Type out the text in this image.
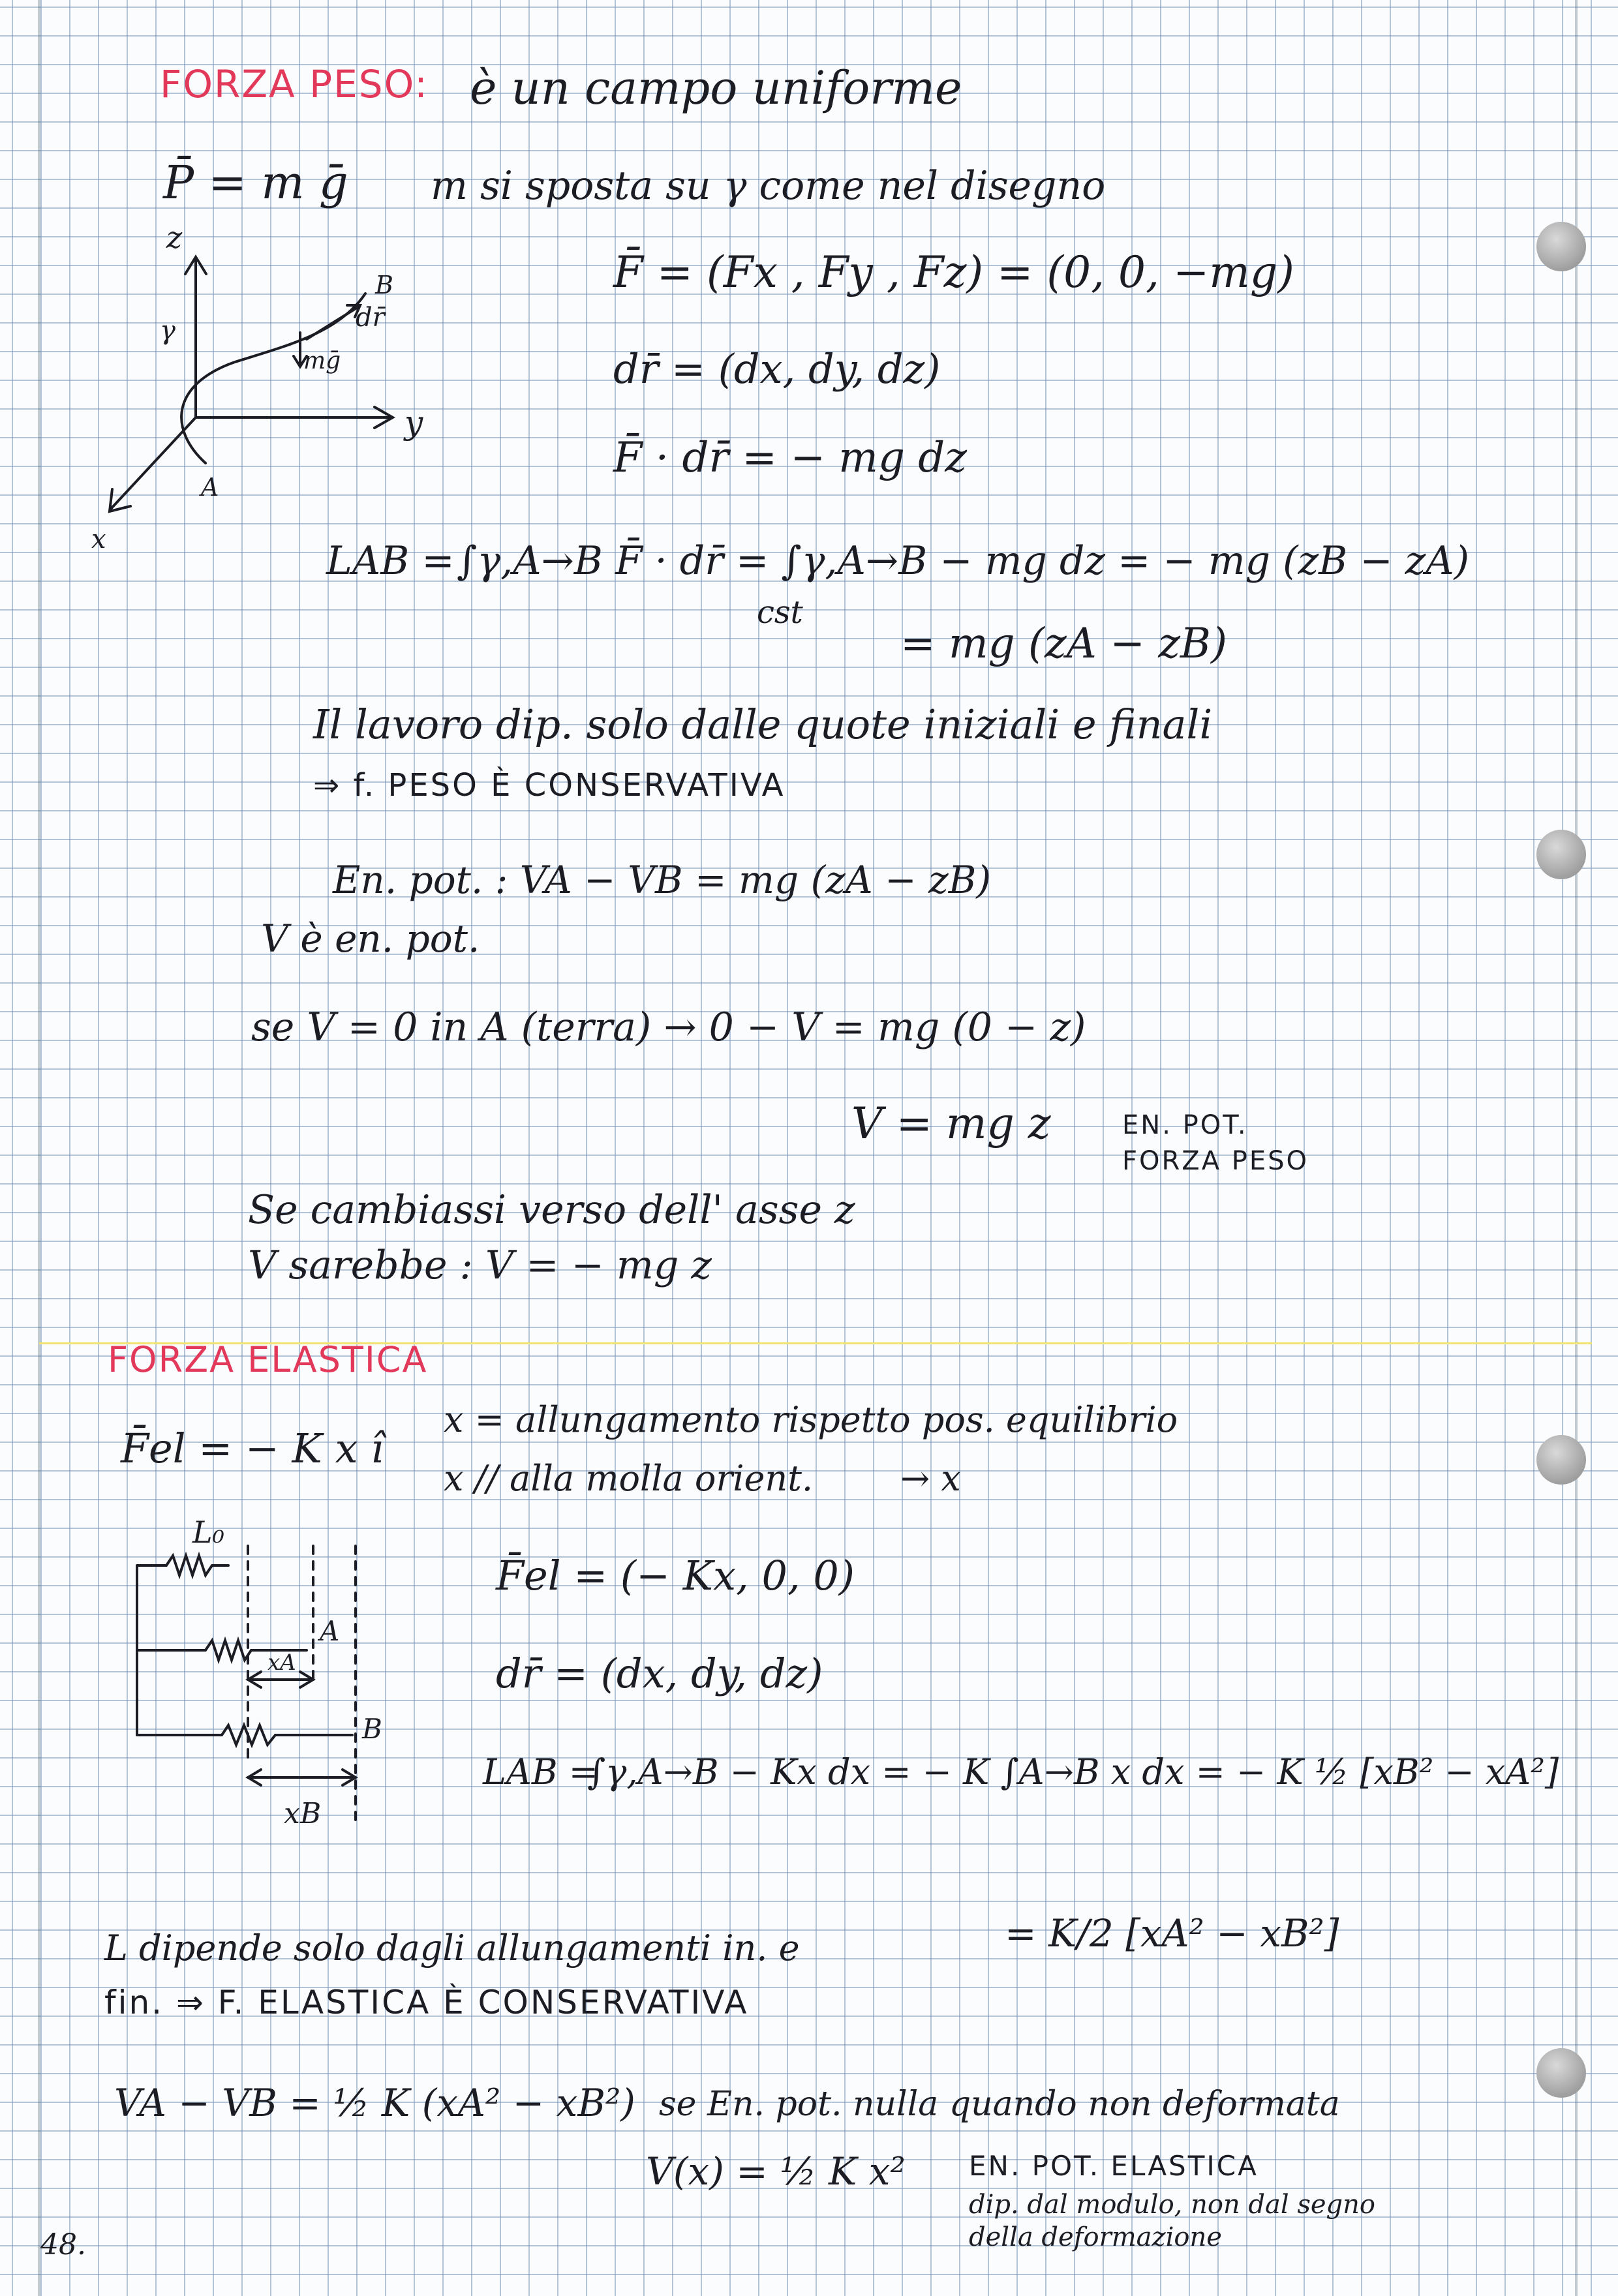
FORZA PESO: è un campo uniforme
P̄ = m ḡ m si sposta su γ come nel disegno
z
y
x
A
B
γ	dr̄
mḡ
F̄ = (Fx , Fy , Fz) = (0, 0, −mg)
dr̄ = (dx, dy, dz)
F̄ · dr̄ = − mg dz
LAB = ∫γ,A→B F̄ · dr̄ = ∫γ,A→B − mg dz = − mg (zB − zA)
cst
= mg (zA − zB)
Il lavoro dip. solo dalle quote iniziali e finali
⇒ f. PESO È CONSERVATIVA
En. pot. : VA − VB = mg (zA − zB)
V è en. pot.
se V = 0 in A (terra) → 0 − V = mg (0 − z)
V = mg z	EN. POT.
FORZA PESO
Se cambiassi verso dell' asse z
V sarebbe : V = − mg z
FORZA ELASTICA
F̄el = − K x î
x = allungamento rispetto pos. equilibrio
x // alla molla orient. → x
L₀
A
B
xA
xB
F̄el = (− Kx, 0, 0)
dr̄ = (dx, dy, dz)
LAB =
∫γ,A→B − Kx dx = − K ∫A→B x dx = − K ½ [xB² − xA²]
= K/2 [xA² − xB²]
L dipende solo dagli allungamenti in. e
fin. ⇒ F. ELASTICA È CONSERVATIVA
VA − VB = ½ K (xA² − xB²) se En. pot. nulla quando non deformata
V(x) = ½ K x² EN. POT. ELASTICA
dip. dal modulo, non dal segno
della deformazione
48.
